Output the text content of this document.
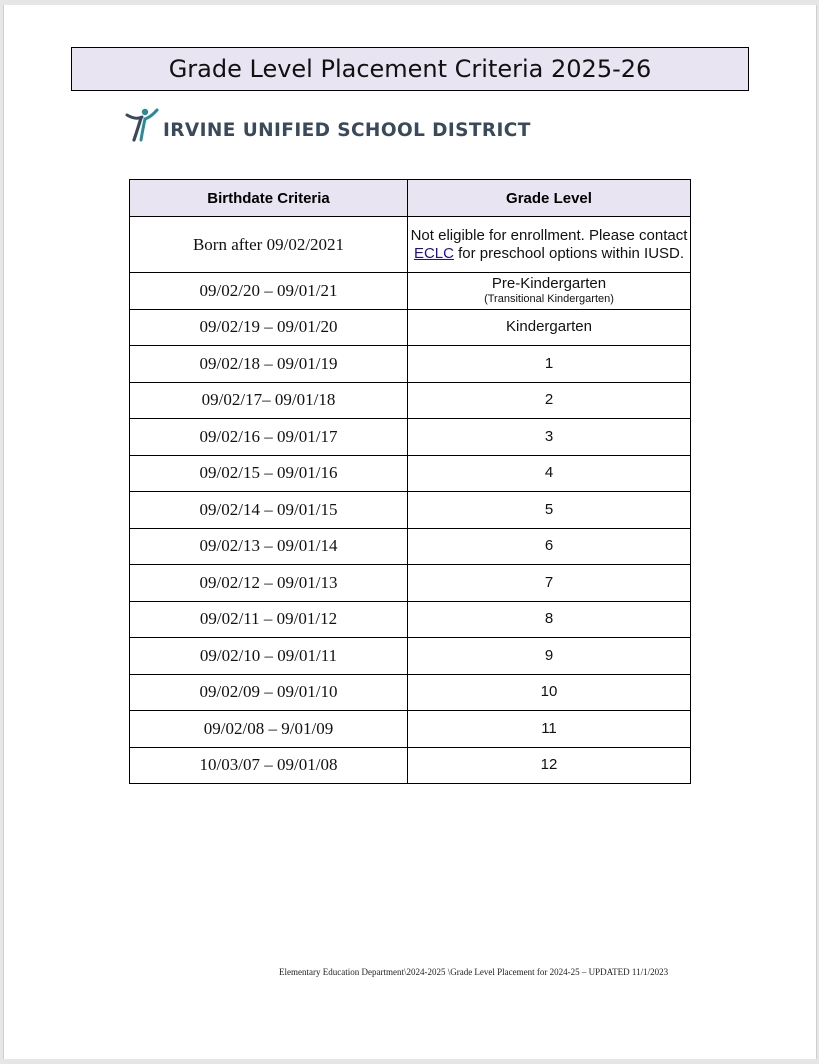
Grade Level Placement Criteria 2025-26
IRVINE UNIFIED SCHOOL DISTRICT
Birthdate Criteria	Grade Level
Born after 09/02/2021	Not eligible for enrollment. Please contact ECLC for preschool options within IUSD.
09/02/20 – 09/01/21	Pre-Kindergarten
(Transitional Kindergarten)

09/02/19 – 09/01/20	Kindergarten
09/02/18 – 09/01/19	1
09/02/17– 09/01/18	2
09/02/16 – 09/01/17	3
09/02/15 – 09/01/16	4
09/02/14 – 09/01/15	5
09/02/13 – 09/01/14	6
09/02/12 – 09/01/13	7
09/02/11 – 09/01/12	8
09/02/10 – 09/01/11	9
09/02/09 – 09/01/10	10
09/02/08 – 9/01/09	11
10/03/07 – 09/01/08	12
Elementary Education Department\2024-2025 \Grade Level Placement for 2024-25 – UPDATED 11/1/2023
